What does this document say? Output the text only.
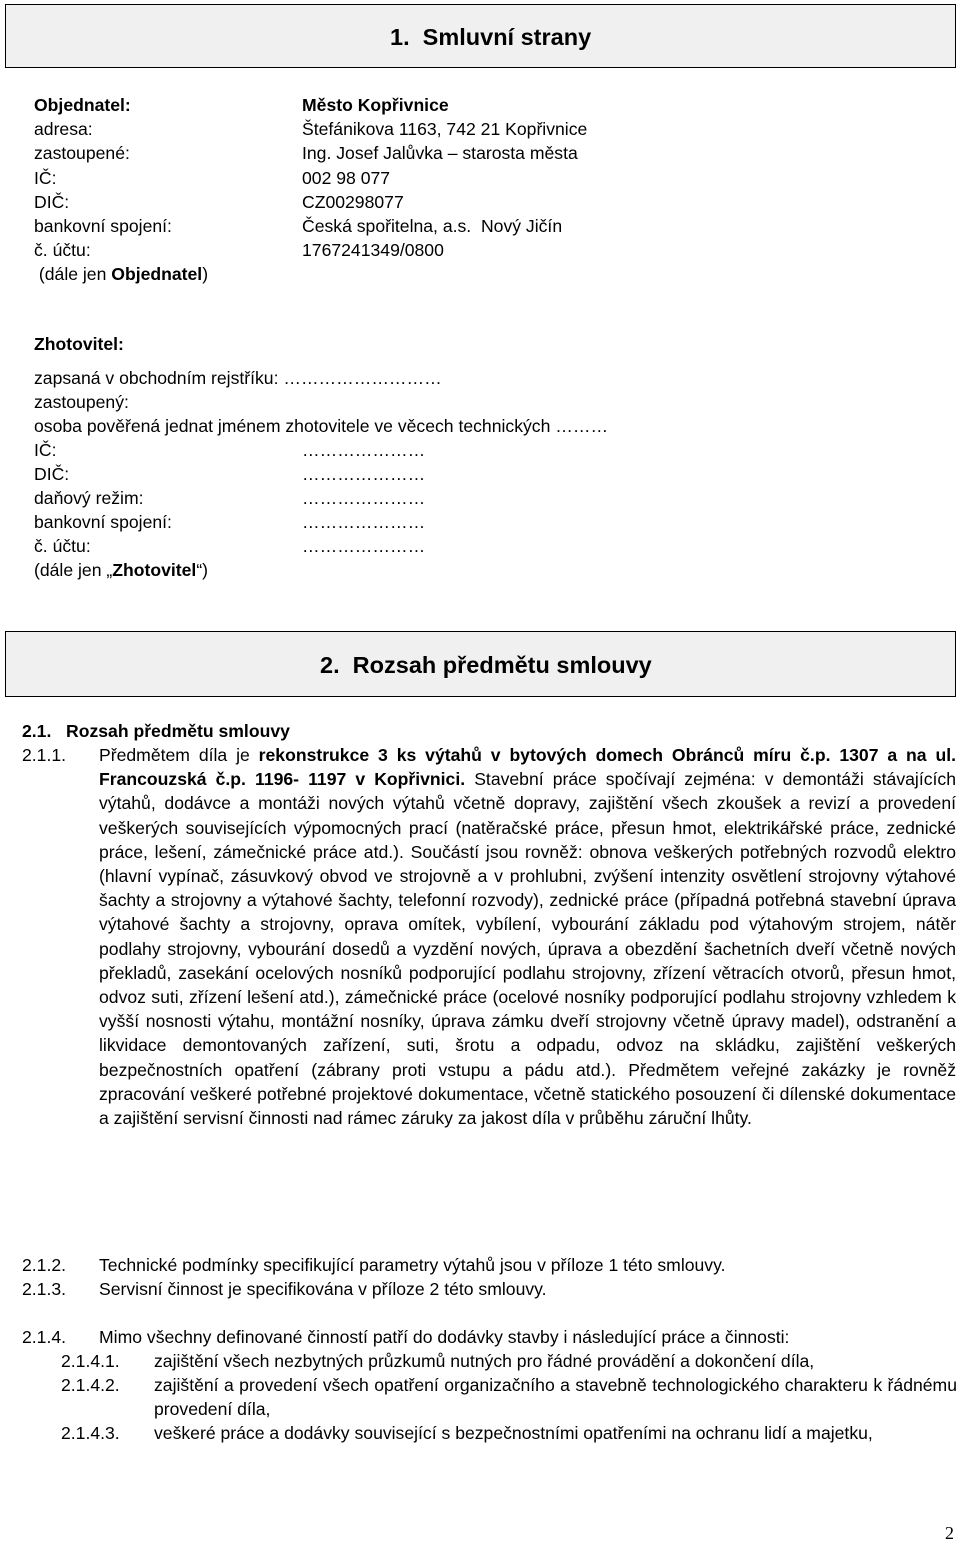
1. Smluvní strany
Objednatel:	Město Kopřivnice
adresa:	Štefánikova 1163, 742 21 Kopřivnice
zastoupené:	Ing. Josef Jalůvka – starosta města
IČ:	002 98 077
DIČ:	CZ00298077
bankovní spojení:	Česká spořitelna, a.s.  Nový Jičín
č. účtu:	1767241349/0800
(dále jen Objednatel)
Zhotovitel:
zapsaná v obchodním rejstříku: ………………………
zastoupený:
osoba pověřená jednat jménem zhotovitele ve věcech technických ………
IČ:	…………………
DIČ:	…………………
daňový režim:	…………………
bankovní spojení:	…………………
č. účtu:	…………………
(dále jen „Zhotovitel“)
2. Rozsah předmětu smlouvy
2.1. Rozsah předmětu smlouvy
2.1.1. Předmětem díla je rekonstrukce 3 ks výtahů v bytových domech Obránců míru č.p. 1307 a na ul. Francouzská č.p. 1196- 1197 v Kopřivnici. Stavební práce spočívají zejména: v demontáži stávajících výtahů, dodávce a montáži nových výtahů včetně dopravy, zajištění všech zkoušek a revizí a provedení veškerých souvisejících výpomocných prací (natěračské práce, přesun hmot, elektrikářské práce, zednické práce, lešení, zámečnické práce atd.). Součástí jsou rovněž: obnova veškerých potřebných rozvodů elektro (hlavní vypínač, zásuvkový obvod ve strojovně a v prohlubni, zvýšení intenzity osvětlení strojovny výtahové šachty a strojovny a výtahové šachty, telefonní rozvody), zednické práce (případná potřebná stavební úprava výtahové šachty a strojovny, oprava omítek, vybílení, vybourání základu pod výtahovým strojem, nátěr podlahy strojovny, vybourání dosedů a vyzdění nových, úprava a obezdění šachetních dveří včetně nových překladů, zasekání ocelových nosníků podporující podlahu strojovny, zřízení větracích otvorů, přesun hmot, odvoz suti, zřízení lešení atd.), zámečnické práce (ocelové nosníky podporující podlahu strojovny vzhledem k vyšší nosnosti výtahu, montážní nosníky, úprava zámku dveří strojovny včetně úpravy madel), odstranění a likvidace demontovaných zařízení, suti, šrotu a odpadu, odvoz na skládku, zajištění veškerých bezpečnostních opatření (zábrany proti vstupu a pádu atd.). Předmětem veřejné zakázky je rovněž zpracování veškeré potřebné projektové dokumentace, včetně statického posouzení či dílenské dokumentace a zajištění servisní činnosti nad rámec záruky za jakost díla v průběhu záruční lhůty.
2.1.2. Technické podmínky specifikující parametry výtahů jsou v příloze 1 této smlouvy.
2.1.3. Servisní činnost je specifikována v příloze 2 této smlouvy.
2.1.4. Mimo všechny definované činností patří do dodávky stavby i následující práce a činnosti:
2.1.4.1. zajištění všech nezbytných průzkumů nutných pro řádné provádění a dokončení díla,
2.1.4.2. zajištění a provedení všech opatření organizačního a stavebně technologického charakteru k řádnému provedení díla,
2.1.4.3. veškeré práce a dodávky související s bezpečnostními opatřeními na ochranu lidí a majetku,
2
